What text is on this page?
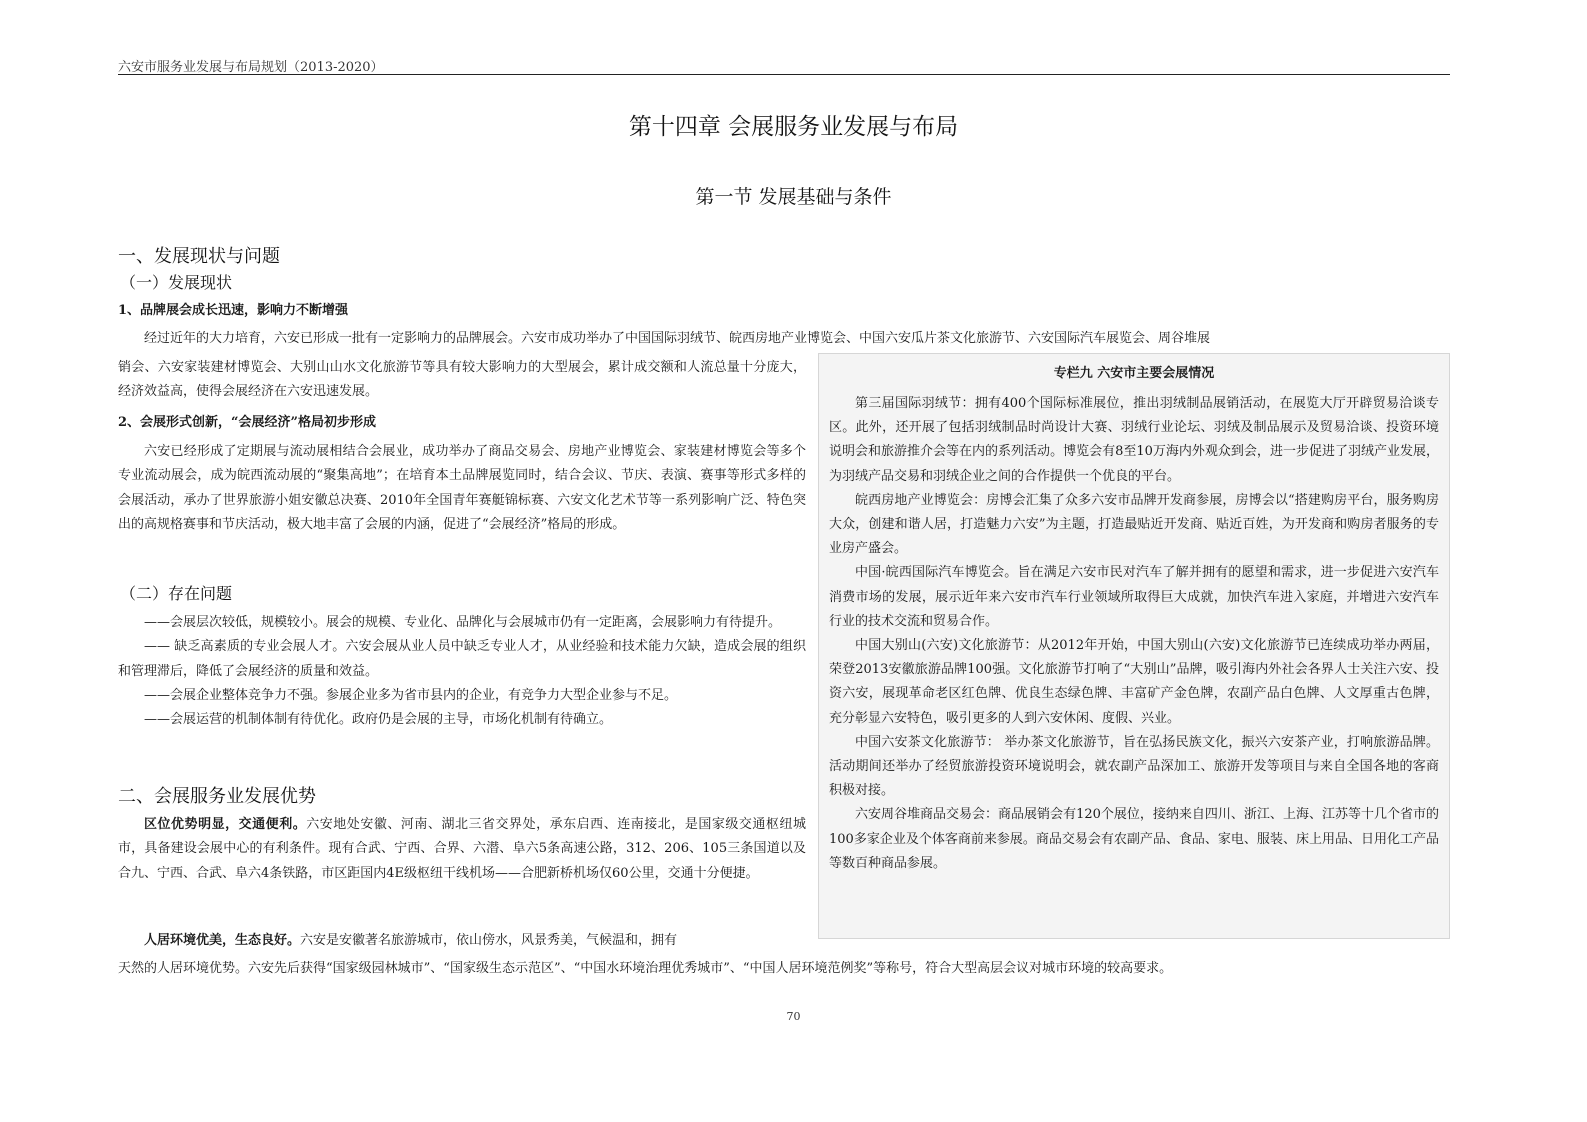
六安市服务业发展与布局规划（2013-2020）
第十四章 会展服务业发展与布局
第一节 发展基础与条件
一、发展现状与问题
（一）发展现状
1、品牌展会成长迅速，影响力不断增强

经过近年的大力培育，六安已形成一批有一定影响力的品牌展会。六安市成功举办了中国国际羽绒节、皖西房地产业博览会、中国六安瓜片茶文化旅游节、六安国际汽车展览会、周谷堆展

销会、六安家装建材博览会、大别山山水文化旅游节等具有较大影响力的大型展会，累计成交额和人流总量十分庞大，经济效益高，使得会展经济在六安迅速发展。

2、会展形式创新，“会展经济”格局初步形成

六安已经形成了定期展与流动展相结合会展业，成功举办了商品交易会、房地产业博览会、家装建材博览会等多个专业流动展会，成为皖西流动展的“聚集高地”；在培育本土品牌展览同时，结合会议、节庆、表演、赛事等形式多样的会展活动，承办了世界旅游小姐安徽总决赛、2010年全国青年赛艇锦标赛、六安文化艺术节等一系列影响广泛、特色突出的高规格赛事和节庆活动，极大地丰富了会展的内涵，促进了“会展经济”格局的形成。

（二）存在问题

——会展层次较低，规模较小。展会的规模、专业化、品牌化与会展城市仍有一定距离，会展影响力有待提升。

—— 缺乏高素质的专业会展人才。六安会展从业人员中缺乏专业人才，从业经验和技术能力欠缺，造成会展的组织和管理滞后，降低了会展经济的质量和效益。

——会展企业整体竞争力不强。参展企业多为省市县内的企业，有竞争力大型企业参与不足。

——会展运营的机制体制有待优化。政府仍是会展的主导，市场化机制有待确立。

二、会展服务业发展优势

区位优势明显，交通便利。六安地处安徽、河南、湖北三省交界处，承东启西、连南接北，是国家级交通枢纽城市，具备建设会展中心的有利条件。现有合武、宁西、合界、六潜、阜六5条高速公路，312、206、105三条国道以及合九、宁西、合武、阜六4条铁路，市区距国内4E级枢纽干线机场——合肥新桥机场仅60公里，交通十分便捷。

人居环境优美，生态良好。六安是安徽著名旅游城市，依山傍水，风景秀美，气候温和，拥有

天然的人居环境优势。六安先后获得“国家级园林城市”、“国家级生态示范区”、“中国水环境治理优秀城市”、“中国人居环境范例奖”等称号，符合大型高层会议对城市环境的较高要求。

专栏九 六安市主要会展情况

第三届国际羽绒节：拥有400个国际标准展位，推出羽绒制品展销活动，在展览大厅开辟贸易洽谈专区。此外，还开展了包括羽绒制品时尚设计大赛、羽绒行业论坛、羽绒及制品展示及贸易洽谈、投资环境说明会和旅游推介会等在内的系列活动。博览会有8至10万海内外观众到会，进一步促进了羽绒产业发展，为羽绒产品交易和羽绒企业之间的合作提供一个优良的平台。

皖西房地产业博览会：房博会汇集了众多六安市品牌开发商参展，房博会以“搭建购房平台，服务购房大众，创建和谐人居，打造魅力六安”为主题，打造最贴近开发商、贴近百姓，为开发商和购房者服务的专业房产盛会。

中国·皖西国际汽车博览会。旨在满足六安市民对汽车了解并拥有的愿望和需求，进一步促进六安汽车消费市场的发展，展示近年来六安市汽车行业领域所取得巨大成就，加快汽车进入家庭，并增进六安汽车行业的技术交流和贸易合作。

中国大别山(六安)文化旅游节：从2012年开始，中国大别山(六安)文化旅游节已连续成功举办两届，荣登2013安徽旅游品牌100强。文化旅游节打响了“大别山”品牌，吸引海内外社会各界人士关注六安、投资六安，展现革命老区红色牌、优良生态绿色牌、丰富矿产金色牌，农副产品白色牌、人文厚重古色牌，充分彰显六安特色，吸引更多的人到六安休闲、度假、兴业。

中国六安茶文化旅游节： 举办茶文化旅游节，旨在弘扬民族文化，振兴六安茶产业，打响旅游品牌。活动期间还举办了经贸旅游投资环境说明会，就农副产品深加工、旅游开发等项目与来自全国各地的客商积极对接。

六安周谷堆商品交易会：商品展销会有120个展位，接纳来自四川、浙江、上海、江苏等十几个省市的100多家企业及个体客商前来参展。商品交易会有农副产品、食品、家电、服装、床上用品、日用化工产品等数百种商品参展。

70
